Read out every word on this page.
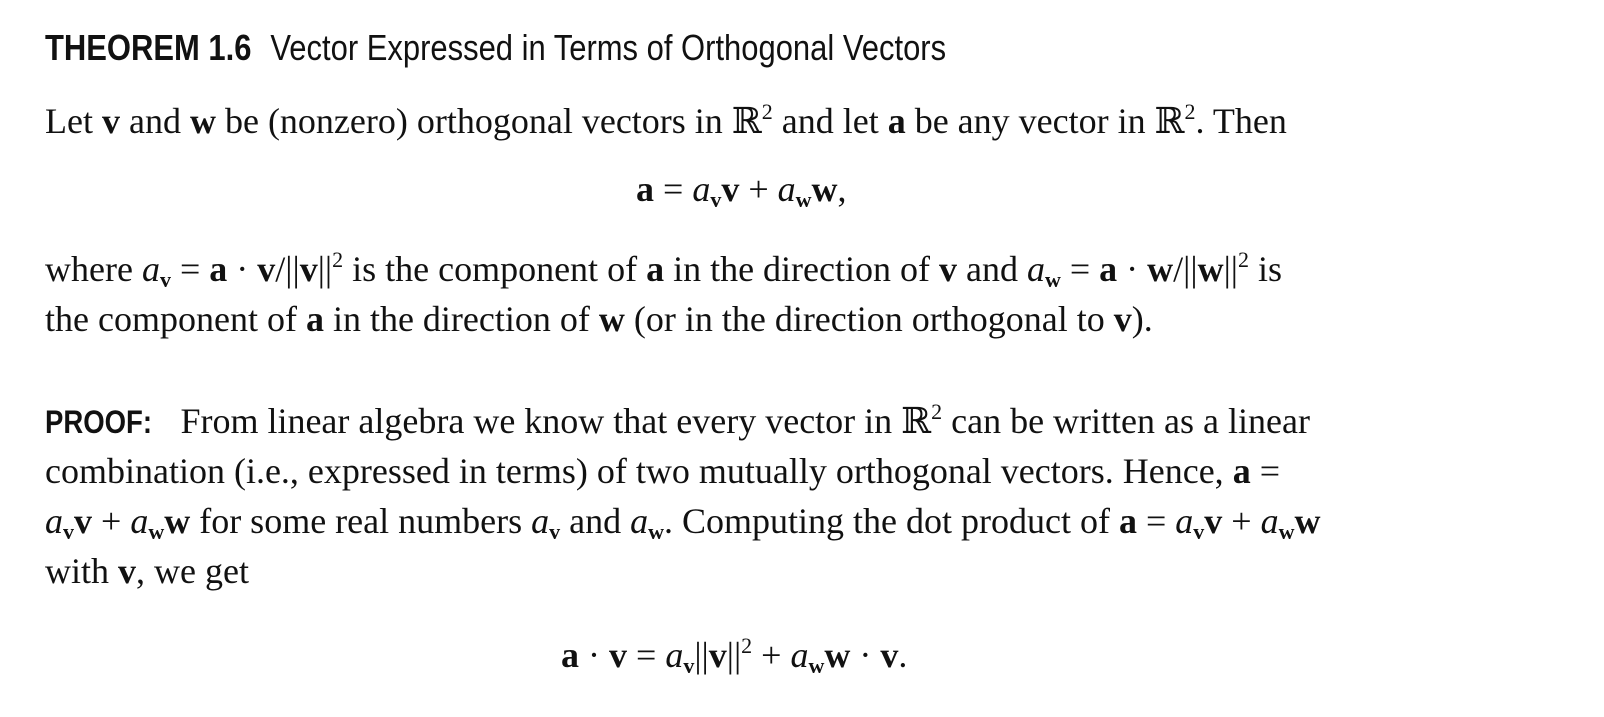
THEOREM 1.6 Vector Expressed in Terms of Orthogonal Vectors
Let v and w be (nonzero) orthogonal vectors in ℝ$^2$ and let a be any vector in ℝ$^2$. Then
$a = a_vv + a_ww$,
where $a_v = a \cdot v/||v||^2$ is the component of a in the direction of v and $a_w = a \cdot w/||w||^2$ is
the component of a in the direction of w (or in the direction orthogonal to v).
PROOF: From linear algebra we know that every vector in ℝ$^2$ can be written as a linear
combination (i.e., expressed in terms) of two mutually orthogonal vectors. Hence, a =
$a_vv + a_ww$ for some real numbers $a_v$ and $a_w$. Computing the dot product of $a = a_vv + a_ww$
with v, we get
$a \cdot v = a_v||v||^2 + a_ww \cdot v$.
